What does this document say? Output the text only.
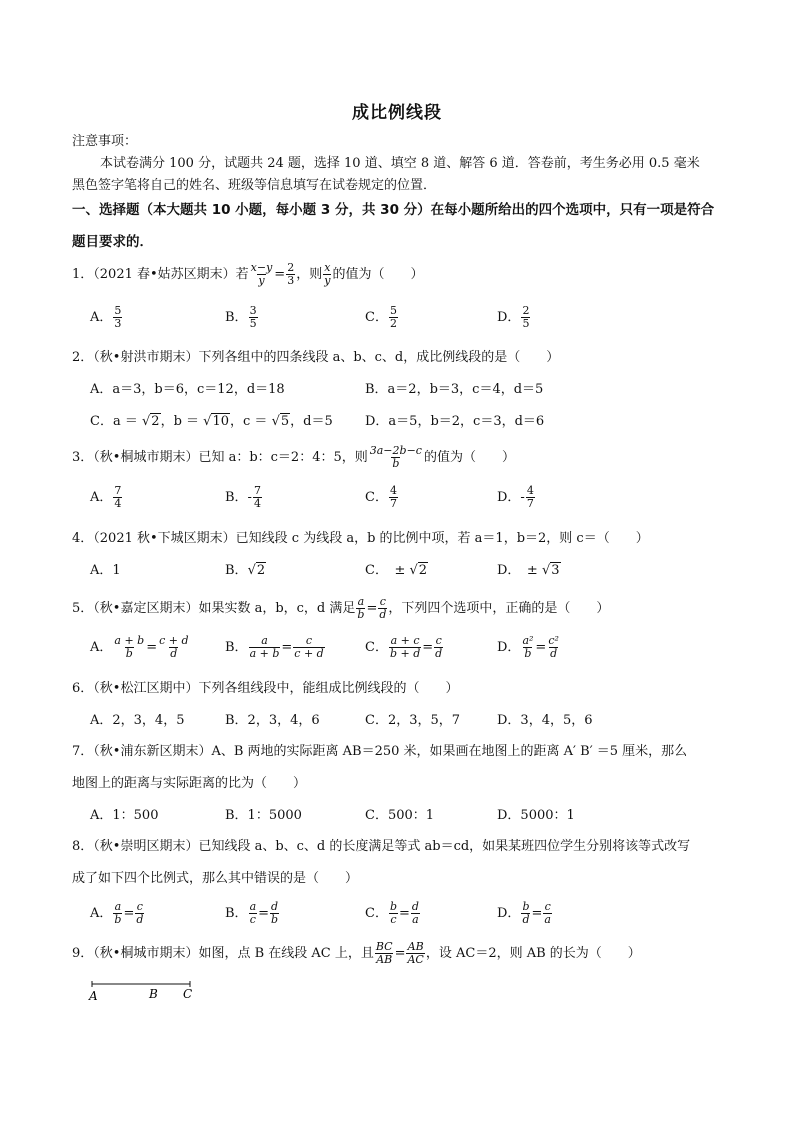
成比例线段
注意事项：
本试卷满分 100 分，试题共 24 题，选择 10 道、填空 8 道、解答 6 道．答卷前，考生务必用 0.5 毫米
黑色签字笔将自己的姓名、班级等信息填写在试卷规定的位置．
一、选择题（本大题共 10 小题，每小题 3 分，共 30 分）在每小题所给出的四个选项中，只有一项是符合
题目要求的．
1．（2021 春•姑苏区期末）若 $\frac{x-y}{y} = \frac{2}{3}$ ，则 $\frac{x}{y}$ 的值为（　　）
A． $\frac{5}{3}$	B． $\frac{3}{5}$	C． $\frac{5}{2}$	D． $\frac{2}{5}$
2．（秋•射洪市期末）下列各组中的四条线段 a、b、c、d，成比例线段的是（　　）
A．a＝3，b＝6，c＝12，d＝18	B．a＝2，b＝3，c＝4，d＝5
C．a ＝ √2，b ＝ √10，c ＝ √5，d＝5 D．a＝5，b＝2，c＝3，d＝6
3．（秋•桐城市期末）已知 a：b：c＝2：4：5，则 $\frac{3a-2b-c}{b}$ 的值为（　　）
A． $\frac{7}{4}$	B．- $\frac{7}{4}$	C． $\frac{4}{7}$	D．- $\frac{4}{7}$
4．（2021 秋•下城区期末）已知线段 c 为线段 a，b 的比例中项，若 a＝1，b＝2，则 c＝（　　）
A．1	B．√2	C．　± √2	D．　± √3
5．（秋•嘉定区期末）如果实数 a，b，c，d 满足 $\frac{a}{b} = \frac{c}{d}$ ，下列四个选项中，正确的是（　　）
A． $\frac{a + b}{b} = \frac{c + d}{d}$	B． $\frac{a}{a + b} = \frac{c}{c + d}$	C． $\frac{a + c}{b + d} = \frac{c}{d}$	D． $\frac{\text{a²}}{b} = \frac{\text{c²}}{d}$
6．（秋•松江区期中）下列各组线段中，能组成比例线段的（　　）
A．2，3，4，5	B．2，3，4，6	C．2，3，5，7	D．3，4，5，6
7．（秋•浦东新区期末）A、B 两地的实际距离 AB＝250 米，如果画在地图上的距离 A′ B′ ＝5 厘米，那么
地图上的距离与实际距离的比为（　　）
A．1：500	B．1：5000	C．500：1	D．5000：1
8．（秋•崇明区期末）已知线段 a、b、c、d 的长度满足等式 ab＝cd，如果某班四位学生分别将该等式改写
成了如下四个比例式，那么其中错误的是（　　）
A． $\frac{a}{b} = \frac{c}{d}$	B． $\frac{a}{c} = \frac{d}{b}$	C． $\frac{b}{c} = \frac{d}{a}$	D． $\frac{b}{d} = \frac{c}{a}$
9．（秋•桐城市期末）如图，点 B 在线段 AC 上，且 $\frac{BC}{AB} = \frac{AB}{AC}$ ，设 AC＝2，则 AB 的长为（　　）
A	B C
